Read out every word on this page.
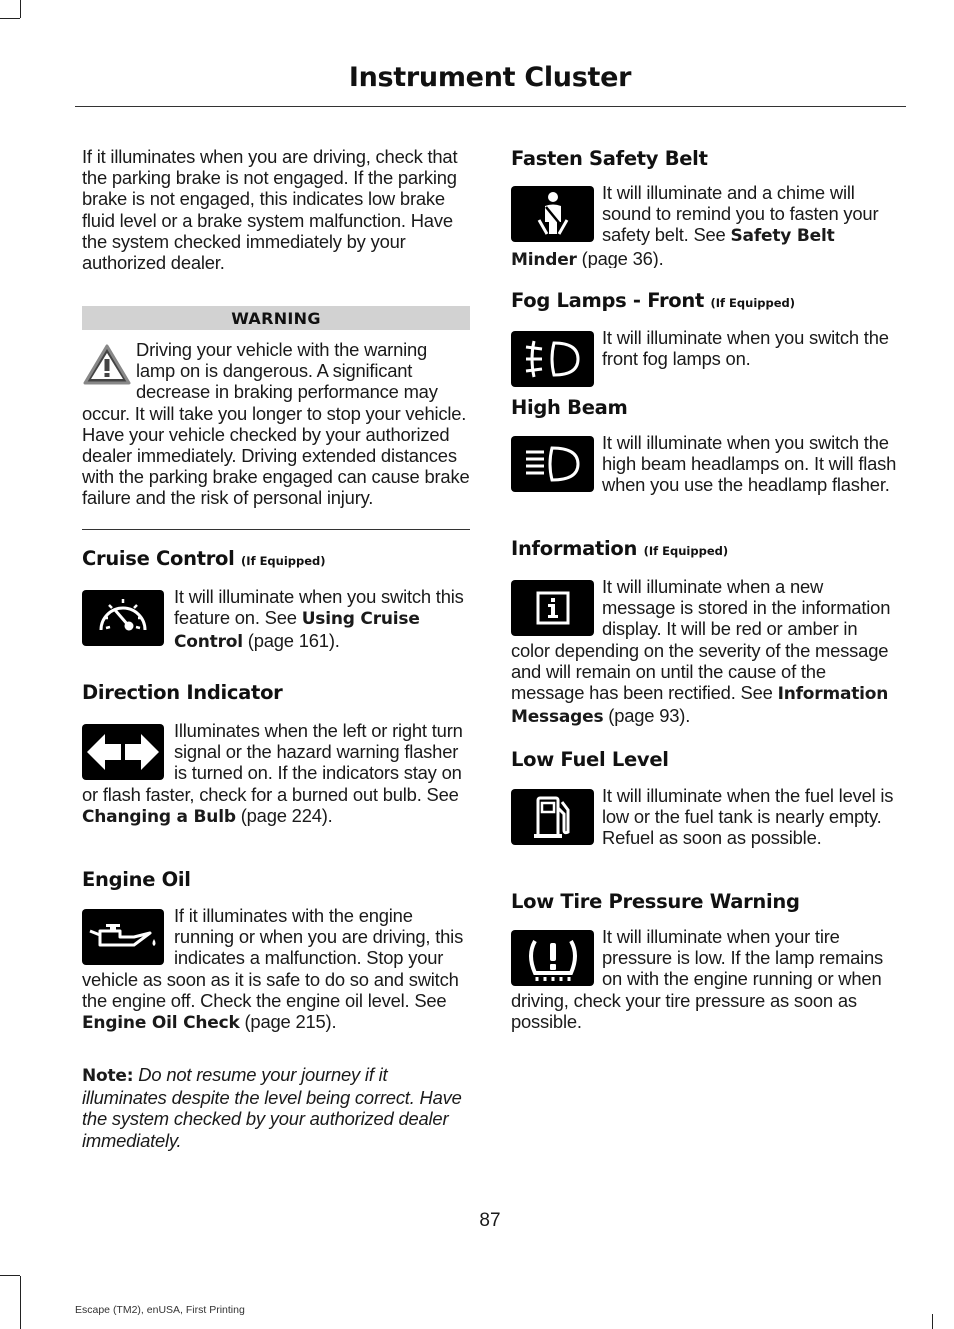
Instrument Cluster

If it illuminates when you are driving, check that the parking brake is not engaged. If the parking brake is not engaged, this indicates low brake fluid level or a brake system malfunction. Have the system checked immediately by your authorized dealer.

WARNING
Driving your vehicle with the warning lamp on is dangerous. A significant decrease in braking performance may occur. It will take you longer to stop your vehicle. Have your vehicle checked by your authorized dealer immediately. Driving extended distances with the parking brake engaged can cause brake failure and the risk of personal injury.
Cruise Control (If Equipped)
It will illuminate when you switch this feature on. See Using Cruise Control (page 161).
Direction Indicator
Illuminates when the left or right turn signal or the hazard warning flasher is turned on. If the indicators stay on or flash faster, check for a burned out bulb. See Changing a Bulb (page 224).
Engine Oil
If it illuminates with the engine running or when you are driving, this indicates a malfunction. Stop your vehicle as soon as it is safe to do so and switch the engine off. Check the engine oil level. See Engine Oil Check (page 215).

Note: Do not resume your journey if it illuminates despite the level being correct. Have the system checked by your authorized dealer immediately.

Fasten Safety Belt
It will illuminate and a chime will sound to remind you to fasten your safety belt. See Safety Belt Minder (page 36).
Fog Lamps - Front (If Equipped)
It will illuminate when you switch the front fog lamps on.
High Beam
It will illuminate when you switch the high beam headlamps on. It will flash when you use the headlamp flasher.
Information (If Equipped)
It will illuminate when a new message is stored in the information display. It will be red or amber in color depending on the severity of the message and will remain on until the cause of the message has been rectified. See Information Messages (page 93).
Low Fuel Level
It will illuminate when the fuel level is low or the fuel tank is nearly empty. Refuel as soon as possible.
Low Tire Pressure Warning
It will illuminate when your tire pressure is low. If the lamp remains on with the engine running or when driving, check your tire pressure as soon as possible.
87
Escape (TM2), enUSA, First Printing
